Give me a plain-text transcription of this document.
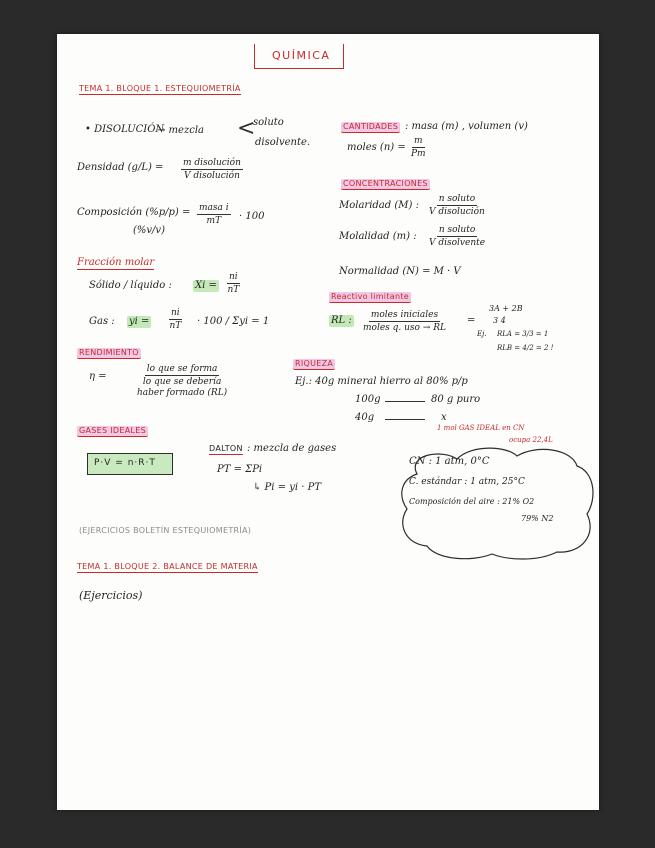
QUÍMICA
TEMA 1. BLOQUE 1. ESTEQUIOMETRÍA
• DISOLUCIÓN
→ mezcla <
soluto
disolvente.
Densidad (g/L) = m disolución
V disolución
Composición (%p/p) =
(%v/v)
masa i
mT · 100
Fracción molar
Sólido / líquido : $Xi = \frac{ni}{nT}$
Gas : yi = $\frac{ni}{nT} \cdot 100 / \Sigma yi = 1$
RENDIMIENTO
η =
lo que se forma
lo que se debería
haber formado (RL)
GASES IDEALES
P·V = n·R·T
DALTON : mezcla de gases
PT = ΣPi
↳ Pi = yi · PT
(EJERCICIOS BOLETÍN ESTEQUIOMETRÍA)
CANTIDADES : masa (m) , volumen (v)
moles $(n) = \frac{m}{Pm}$
CONCENTRACIONES
Molaridad (M) :
n soluto
V disolución
Molalidad (m) :
n soluto
V disolvente
Normalidad (N) = M · V
Reactivo limitante
RL : moles iniciales
moles q. uso → RL
=
3A + 2B
3 4
Ej. RLA = 3/3 = 1
RLB = 4/2 = 2 !
RIQUEZA
Ej.: 40g mineral hierro al 80% p/p
100g	80 g puro
40g	x
1 mol GAS IDEAL en CN
ocupa 22,4L
CN : 1 atm, 0°C
C. estándar : 1 atm, 25°C
Composición del aire : 21% O2
79% N2
TEMA 1. BLOQUE 2. BALANCE DE MATERIA
(Ejercicios)
